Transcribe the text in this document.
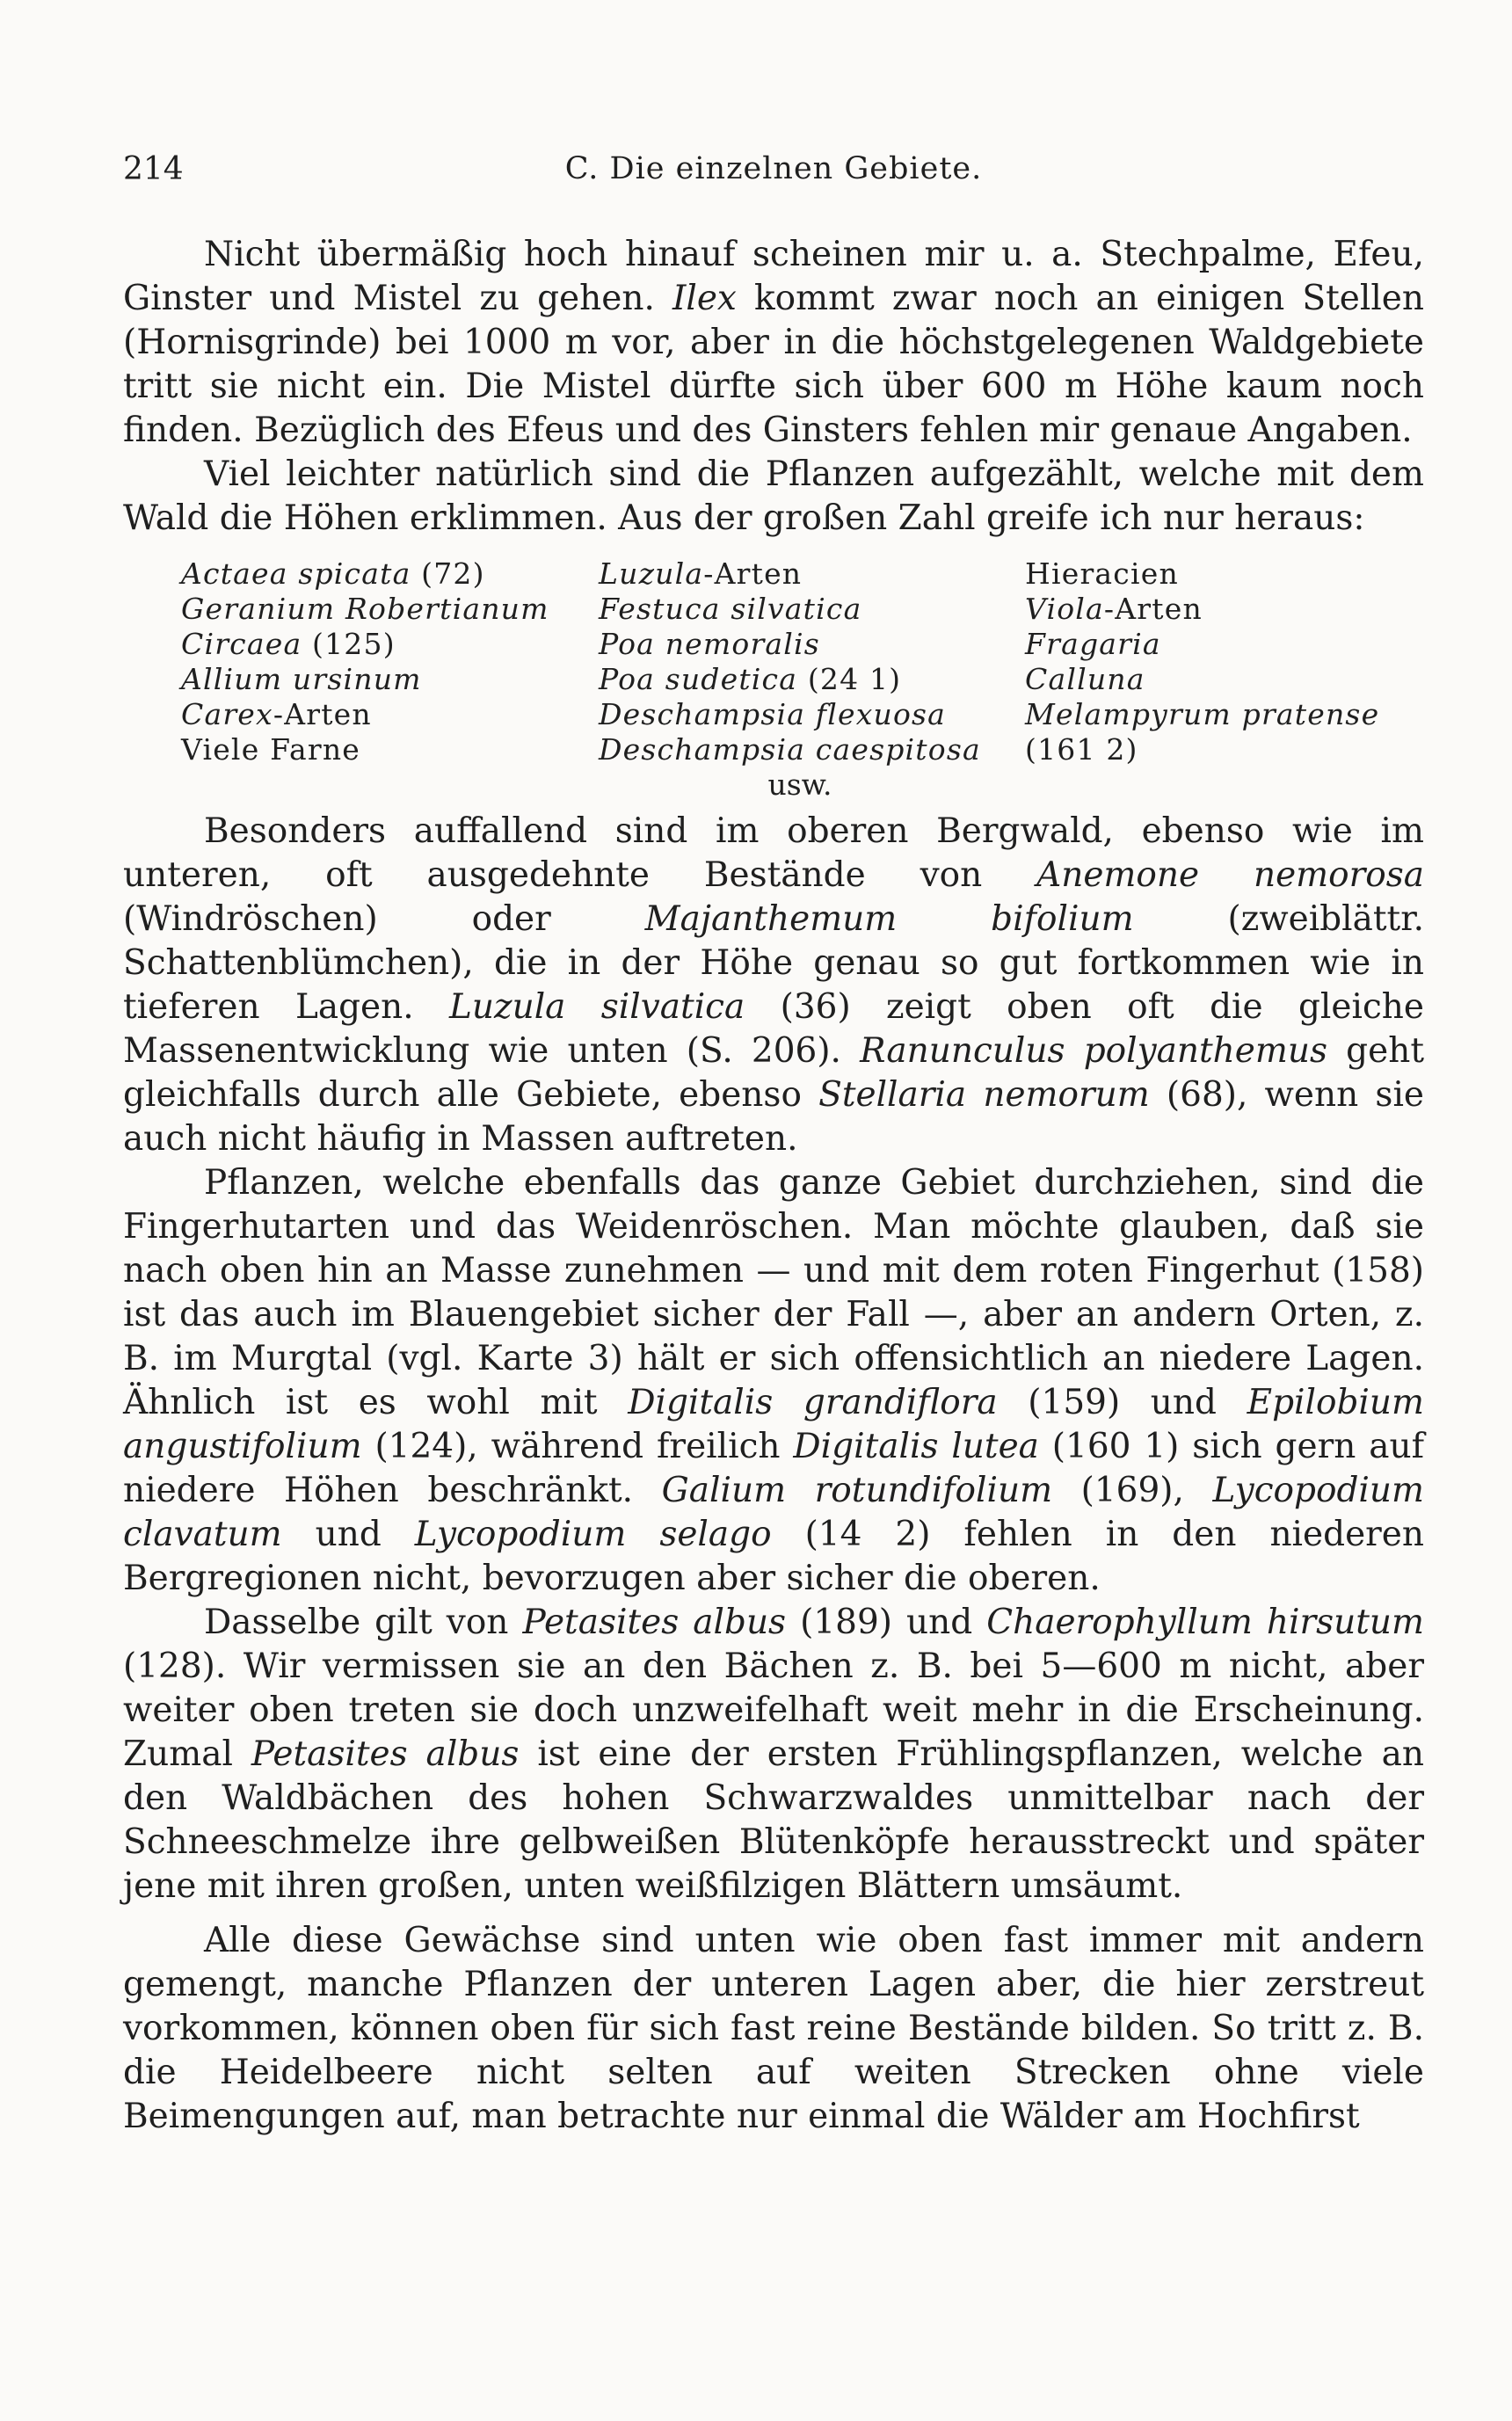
214	C. Die einzelnen Gebiete.

Nicht übermäßig hoch hinauf scheinen mir u. a. Stechpalme, Efeu, Ginster und Mistel zu gehen. Ilex kommt zwar noch an einigen Stellen (Hornisgrinde) bei 1000 m vor, aber in die höchstgelegenen Waldgebiete tritt sie nicht ein. Die Mistel dürfte sich über 600 m Höhe kaum noch finden. Bezüglich des Efeus und des Ginsters fehlen mir genaue Angaben.

Viel leichter natürlich sind die Pflanzen aufgezählt, welche mit dem Wald die Höhen erklimmen. Aus der großen Zahl greife ich nur heraus:

Actaea spicata (72)	Luzula-Arten	Hieracien
Geranium Robertianum	Festuca silvatica	Viola-Arten
Circaea (125)	Poa nemoralis	Fragaria
Allium ursinum	Poa sudetica (24 1)	Calluna
Carex-Arten	Deschampsia flexuosa	Melampyrum pratense
Viele Farne	Deschampsia caespitosa	(161 2)
usw.

Besonders auffallend sind im oberen Bergwald, ebenso wie im unteren, oft ausgedehnte Bestände von Anemone nemorosa (Windröschen) oder Majanthemum bifolium (zweiblättr. Schattenblümchen), die in der Höhe genau so gut fortkommen wie in tieferen Lagen. Luzula silvatica (36) zeigt oben oft die gleiche Massenentwicklung wie unten (S. 206). Ranunculus polyanthemus geht gleichfalls durch alle Gebiete, ebenso Stellaria nemorum (68), wenn sie auch nicht häufig in Massen auftreten.

Pflanzen, welche ebenfalls das ganze Gebiet durchziehen, sind die Fingerhutarten und das Weidenröschen. Man möchte glauben, daß sie nach oben hin an Masse zunehmen — und mit dem roten Fingerhut (158) ist das auch im Blauengebiet sicher der Fall —, aber an andern Orten, z. B. im Murgtal (vgl. Karte 3) hält er sich offensichtlich an niedere Lagen. Ähnlich ist es wohl mit Digitalis grandiflora (159) und Epilobium angustifolium (124), während freilich Digitalis lutea (160 1) sich gern auf niedere Höhen beschränkt. Galium rotundifolium (169), Lycopodium clavatum und Lycopodium selago (14 2) fehlen in den niederen Bergregionen nicht, bevorzugen aber sicher die oberen.

Dasselbe gilt von Petasites albus (189) und Chaerophyllum hirsutum (128). Wir vermissen sie an den Bächen z. B. bei 5—600 m nicht, aber weiter oben treten sie doch unzweifelhaft weit mehr in die Erscheinung. Zumal Petasites albus ist eine der ersten Frühlingspflanzen, welche an den Waldbächen des hohen Schwarzwaldes unmittelbar nach der Schneeschmelze ihre gelbweißen Blütenköpfe herausstreckt und später jene mit ihren großen, unten weißfilzigen Blättern umsäumt.

Alle diese Gewächse sind unten wie oben fast immer mit andern gemengt, manche Pflanzen der unteren Lagen aber, die hier zerstreut vorkommen, können oben für sich fast reine Bestände bilden. So tritt z. B. die Heidelbeere nicht selten auf weiten Strecken ohne viele Beimengungen auf, man betrachte nur einmal die Wälder am Hochfirst
